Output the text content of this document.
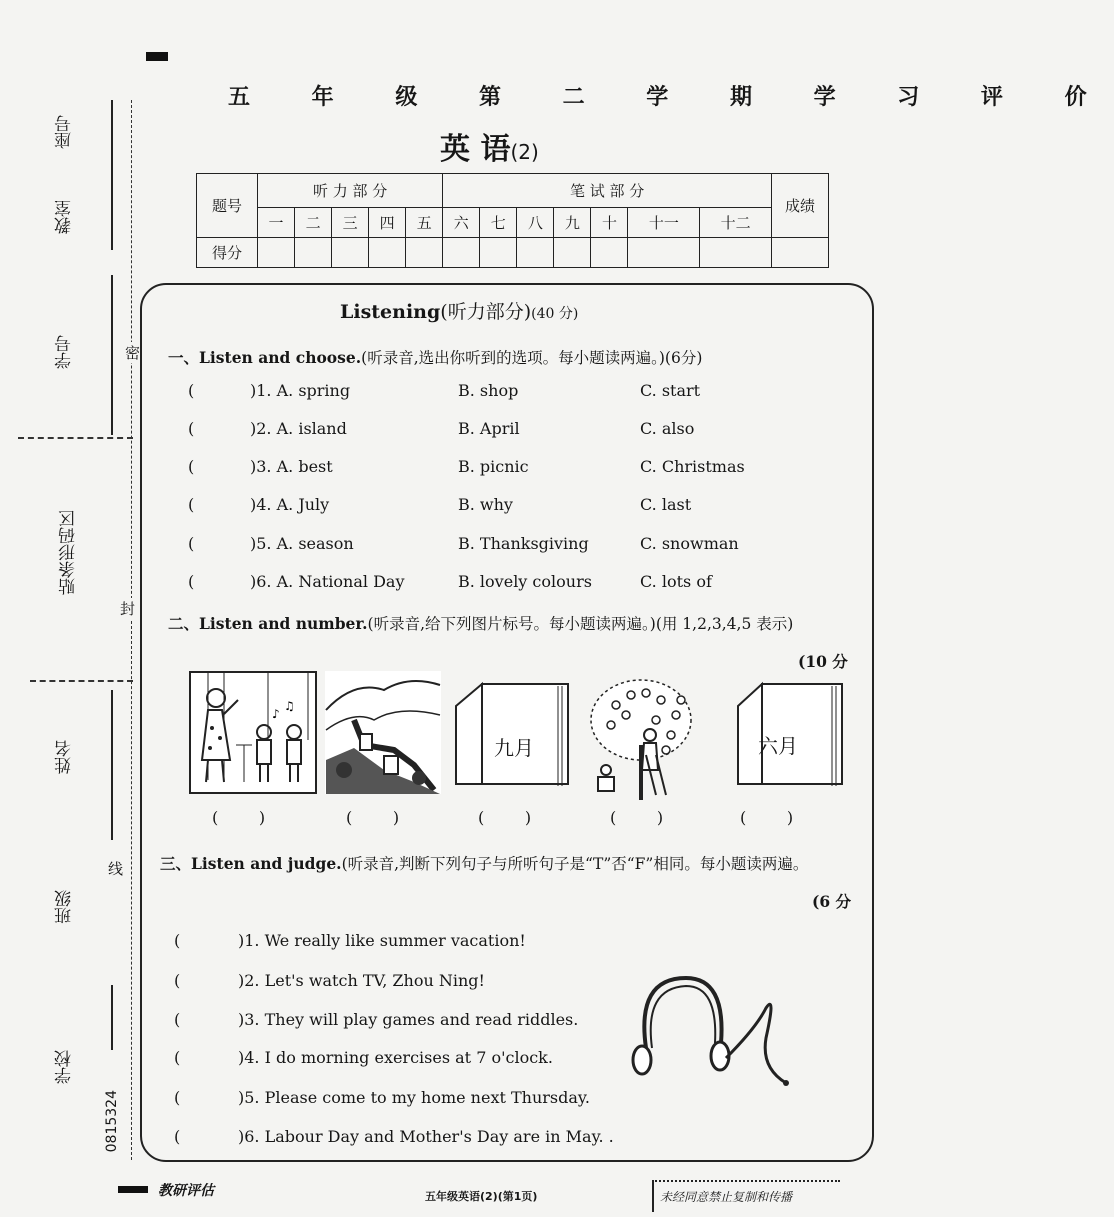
五 年 级 第 二 学 期 学 习 评 价
英 语(2)
题号	听 力 部 分					笔 试 部 分							成绩
	一	二	三	四	五	六	七	八	九	十	十一	十二	
得分													
座号
教室
学号
贴条形码区
姓名
班级
学校
0815324
密
封
线
Listening(听力部分)(40 分)
一、Listen and choose.(听录音,选出你听到的选项。每小题读两遍。)(6分)
(	)1. A. spring	B. shop	C. start
(	)2. A. island	B. April	C. also
(	)3. A. best	B. picnic	C. Christmas
(	)4. A. July	B. why	C. last
(	)5. A. season	B. Thanksgiving	C. snowman
(	)6. A. National Day	B. lovely colours	C. lots of
二、Listen and number.(听录音,给下列图片标号。每小题读两遍。)(用 1,2,3,4,5 表示)
(10 分
♪
♫
九月	六月
(        )	(        )	(        )	(        )	(        )
三、Listen and judge.(听录音,判断下列句子与所听句子是“T”否“F”相同。每小题读两遍。
(6 分
(	)1. We really like summer vacation!
(	)2. Let's watch TV, Zhou Ning!
(	)3. They will play games and read riddles.
(	)4. I do morning exercises at 7 o'clock.
(	)5. Please come to my home next Thursday.
(	)6. Labour Day and Mother's Day are in May. .
教研评估	五年级英语(2)(第1页)	未经同意禁止复制和传播
